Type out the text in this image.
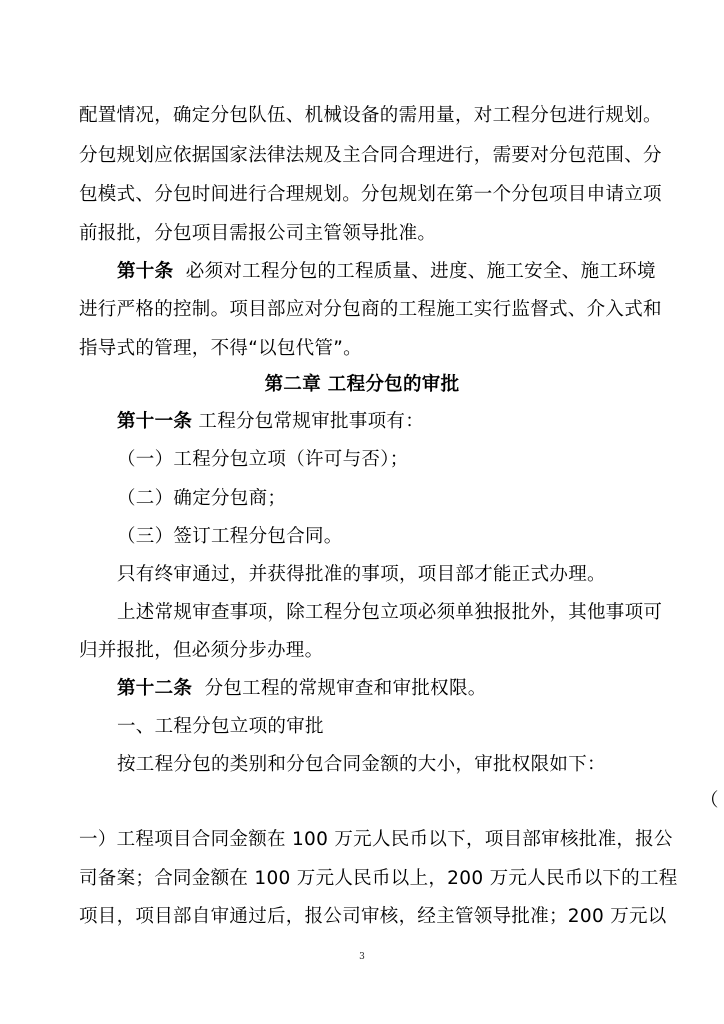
配置情况，确定分包队伍、机械设备的需用量，对工程分包进行规划。
分包规划应依据国家法律法规及主合同合理进行，需要对分包范围、分
包模式、分包时间进行合理规划。分包规划在第一个分包项目申请立项
前报批，分包项目需报公司主管领导批准。
第十条 必须对工程分包的工程质量、进度、施工安全、施工环境
进行严格的控制。项目部应对分包商的工程施工实行监督式、介入式和
指导式的管理，不得“以包代管”。
第二章 工程分包的审批
第十一条 工程分包常规审批事项有：
（一）工程分包立项（许可与否）；
（二）确定分包商；
（三）签订工程分包合同。
只有终审通过，并获得批准的事项，项目部才能正式办理。
上述常规审查事项，除工程分包立项必须单独报批外，其他事项可
归并报批，但必须分步办理。
第十二条 分包工程的常规审查和审批权限。
一、工程分包立项的审批
按工程分包的类别和分包合同金额的大小，审批权限如下：
（
一）工程项目合同金额在 100 万元人民币以下，项目部审核批准，报公
司备案；合同金额在 100 万元人民币以上，200 万元人民币以下的工程
项目，项目部自审通过后，报公司审核，经主管领导批准；200 万元以
3
